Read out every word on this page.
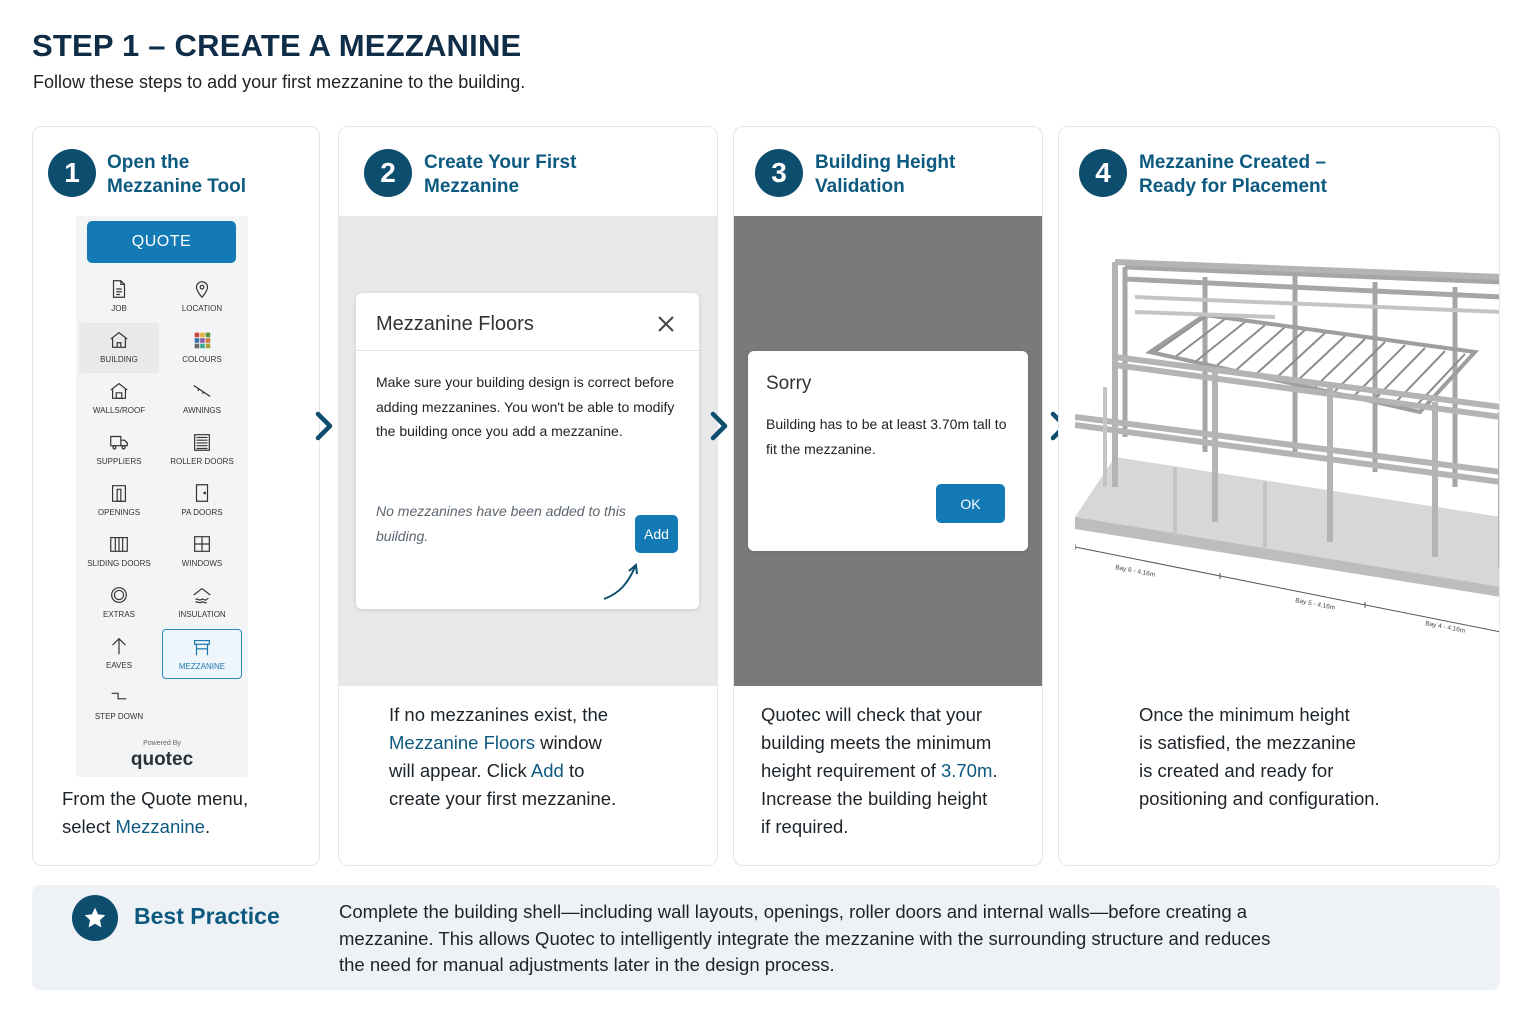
STEP 1 – CREATE A MEZZANINE
Follow these steps to add your first mezzanine to the building.
1	Open the
Mezzanine Tool
QUOTE
JOB	LOCATION
BUILDING	COLOURS
WALLS/ROOF	AWNINGS
SUPPLIERS	ROLLER DOORS
OPENINGS	PA DOORS
SLIDING DOORS	WINDOWS
EXTRAS	INSULATION
EAVES	MEZZANINE
STEP DOWN
Powered By
quotec
From the Quote menu,
select Mezzanine.
2	Create Your First
Mezzanine
Mezzanine Floors
Make sure your building design is correct before adding mezzanines. You won't be able to modify the building once you add a mezzanine.
No mezzanines have been added to this building.	Add
If no mezzanines exist, the
Mezzanine Floors window
will appear. Click Add to
create your first mezzanine.
3	Building Height
Validation
Sorry
Building has to be at least 3.70m tall to fit the mezzanine.
OK
Quotec will check that your
building meets the minimum
height requirement of 3.70m.
Increase the building height
if required.
4	Mezzanine Created –
Ready for Placement
Bay 6 - 4.16m
Bay 5 - 4.16m
Bay 4 - 4.16m
Once the minimum height
is satisfied, the mezzanine
is created and ready for
positioning and configuration.
Best Practice	Complete the building shell—including wall layouts, openings, roller doors and internal walls—before creating a mezzanine. This allows Quotec to intelligently integrate the mezzanine with the surrounding structure and reduces the need for manual adjustments later in the design process.
